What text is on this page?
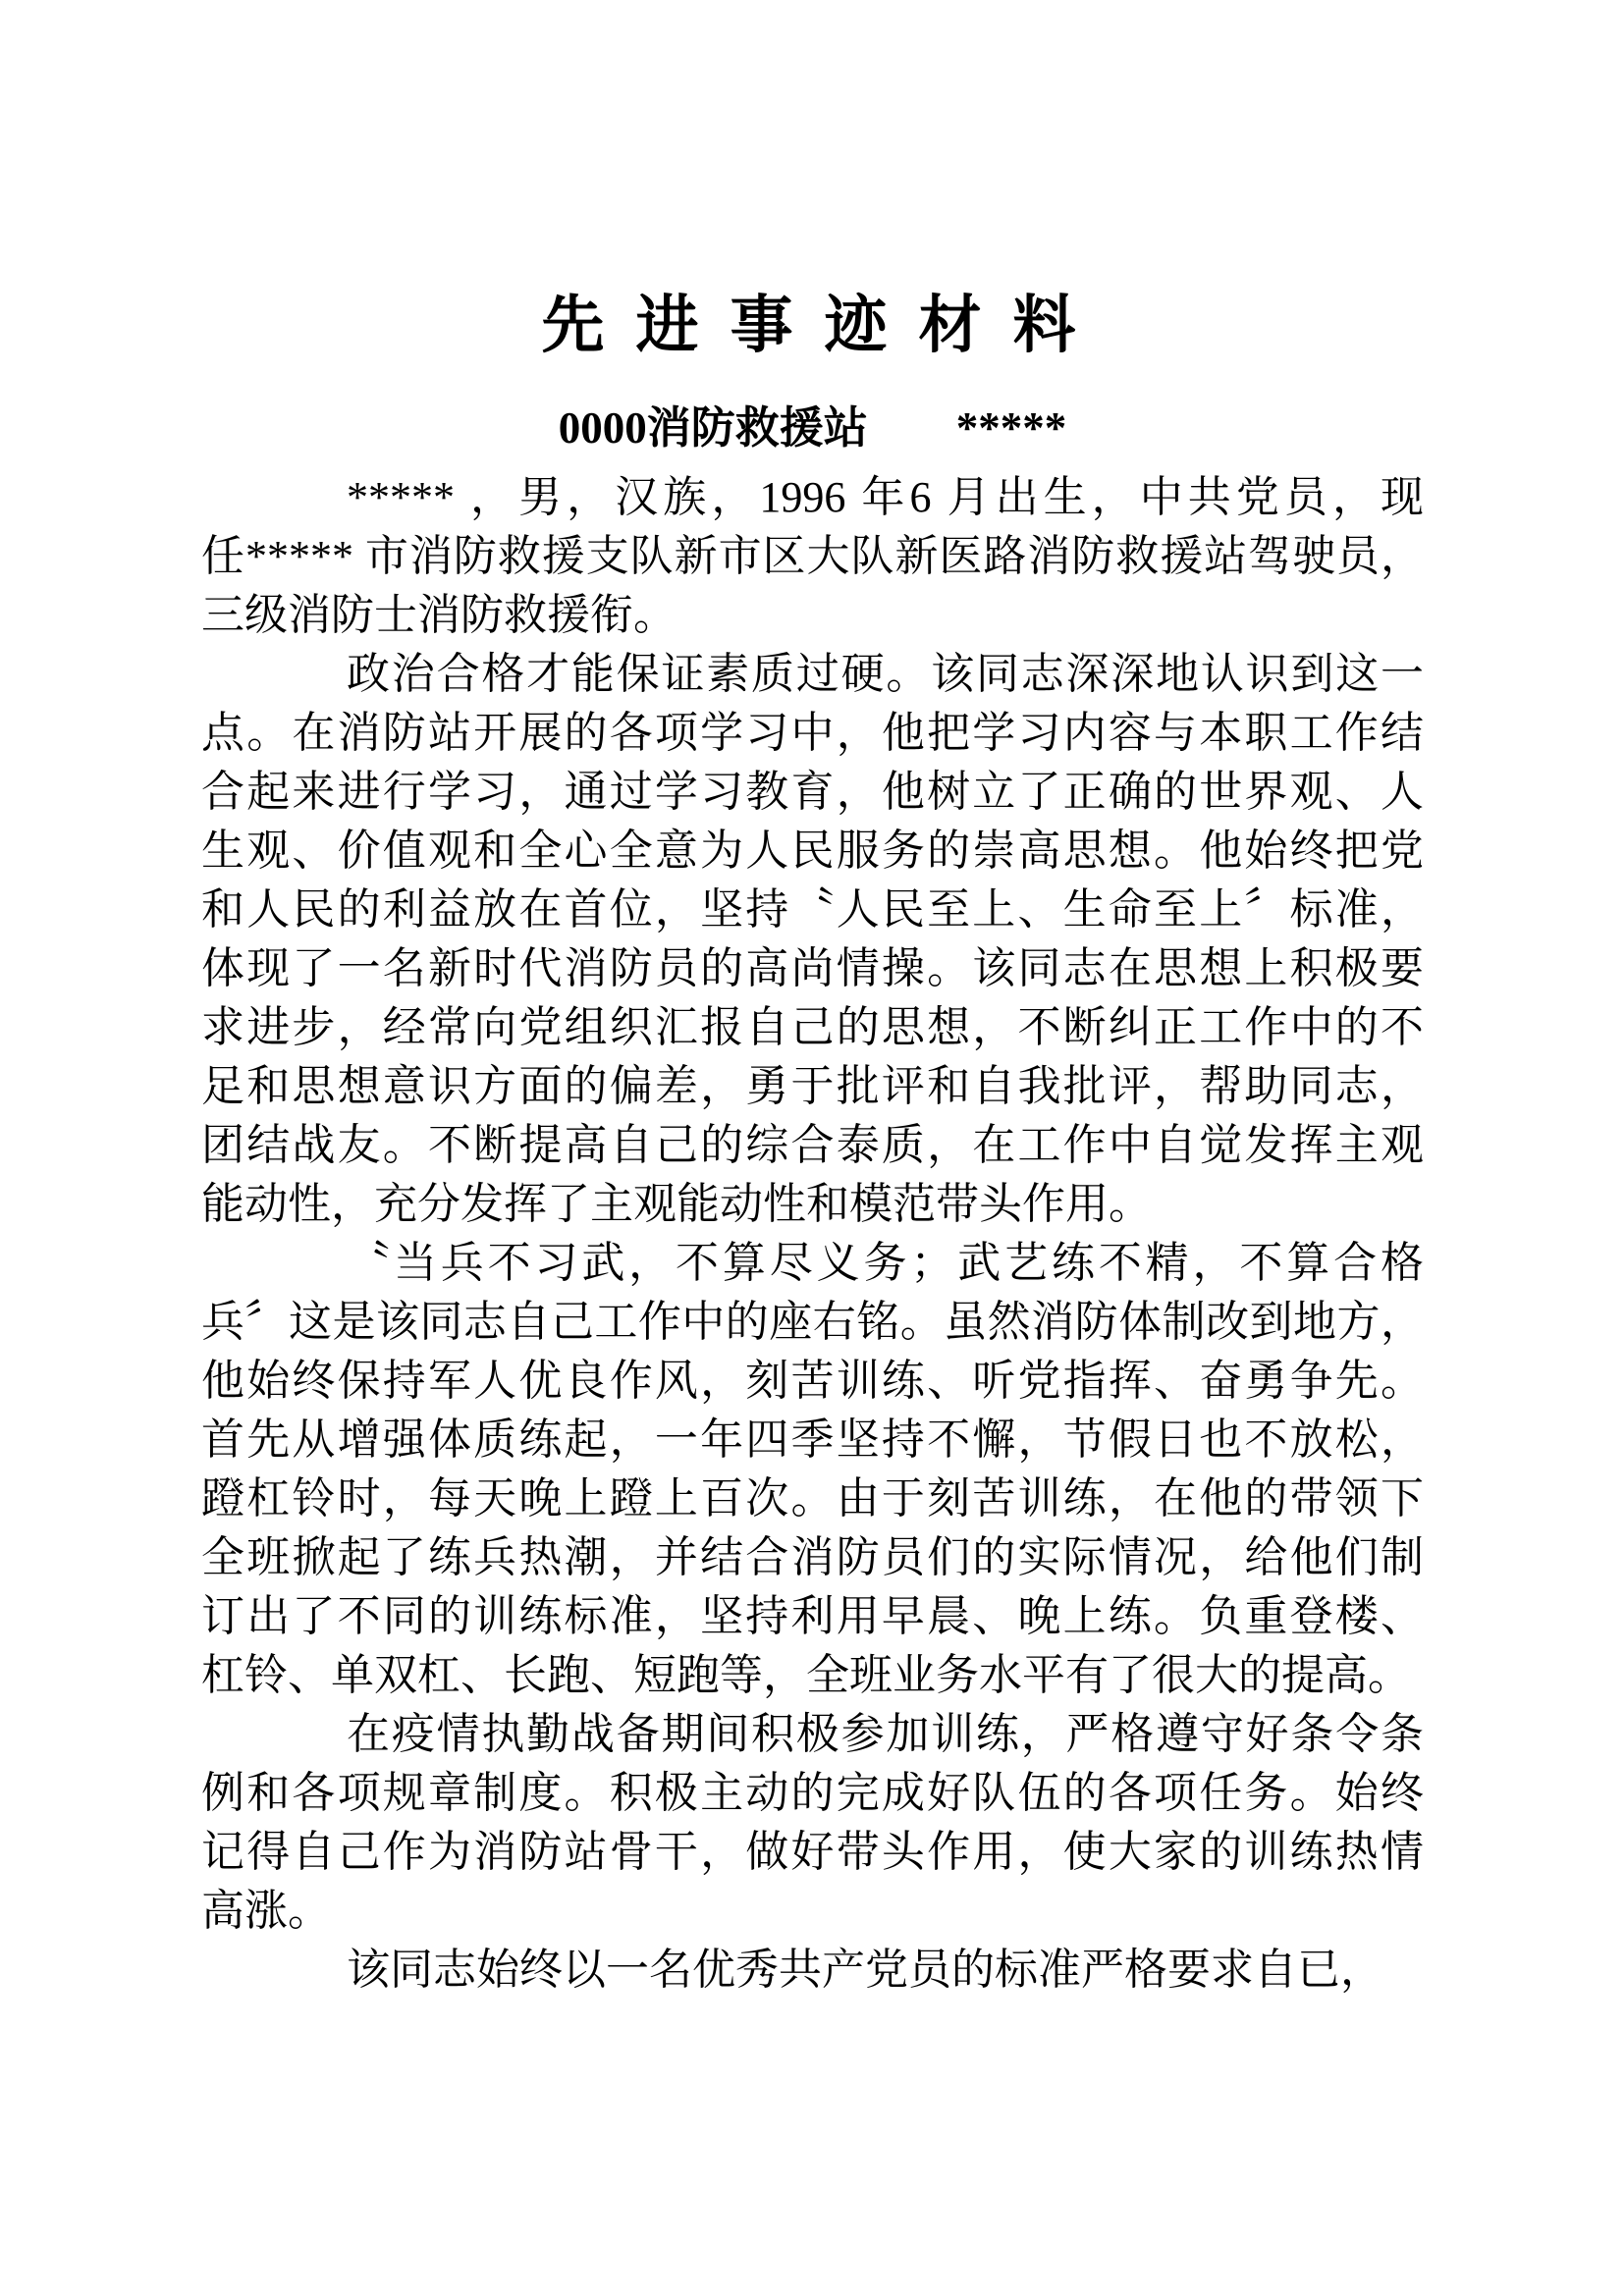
先 进 事 迹 材 料
0000消防救援站　　*****
***** ，男，汉族，1996 年6 月出生，中共党员，现
任***** 市消防救援支队新市区大队新医路消防救援站驾驶员，
三级消防士消防救援衔。
政治合格才能保证素质过硬。该同志深深地认识到这一
点。在消防站开展的各项学习中，他把学习内容与本职工作结
合起来进行学习，通过学习教育，他树立了正确的世界观、人
生观、价值观和全心全意为人民服务的崇高思想。他始终把党
和人民的利益放在首位，坚持〝人民至上、生命至上〞标准，
体现了一名新时代消防员的高尚情操。该同志在思想上积极要
求进步，经常向党组织汇报自己的思想，不断纠正工作中的不
足和思想意识方面的偏差，勇于批评和自我批评，帮助同志，
团结战友。不断提高自己的综合泰质，在工作中自觉发挥主观
能动性，充分发挥了主观能动性和模范带头作用。
〝当兵不习武，不算尽义务；武艺练不精，不算合格
兵〞这是该同志自己工作中的座右铭。虽然消防体制改到地方，
他始终保持军人优良作风，刻苦训练、听党指挥、奋勇争先。
首先从增强体质练起，一年四季坚持不懈，节假日也不放松，
蹬杠铃时，每天晚上蹬上百次。由于刻苦训练，在他的带领下
全班掀起了练兵热潮，并结合消防员们的实际情况，给他们制
订出了不同的训练标准，坚持利用早晨、晚上练。负重登楼、
杠铃、单双杠、长跑、短跑等，全班业务水平有了很大的提高。
在疫情执勤战备期间积极参加训练，严格遵守好条令条
例和各项规章制度。积极主动的完成好队伍的各项任务。始终
记得自己作为消防站骨干，做好带头作用，使大家的训练热情
高涨。
该同志始终以一名优秀共产党员的标准严格要求自已，
